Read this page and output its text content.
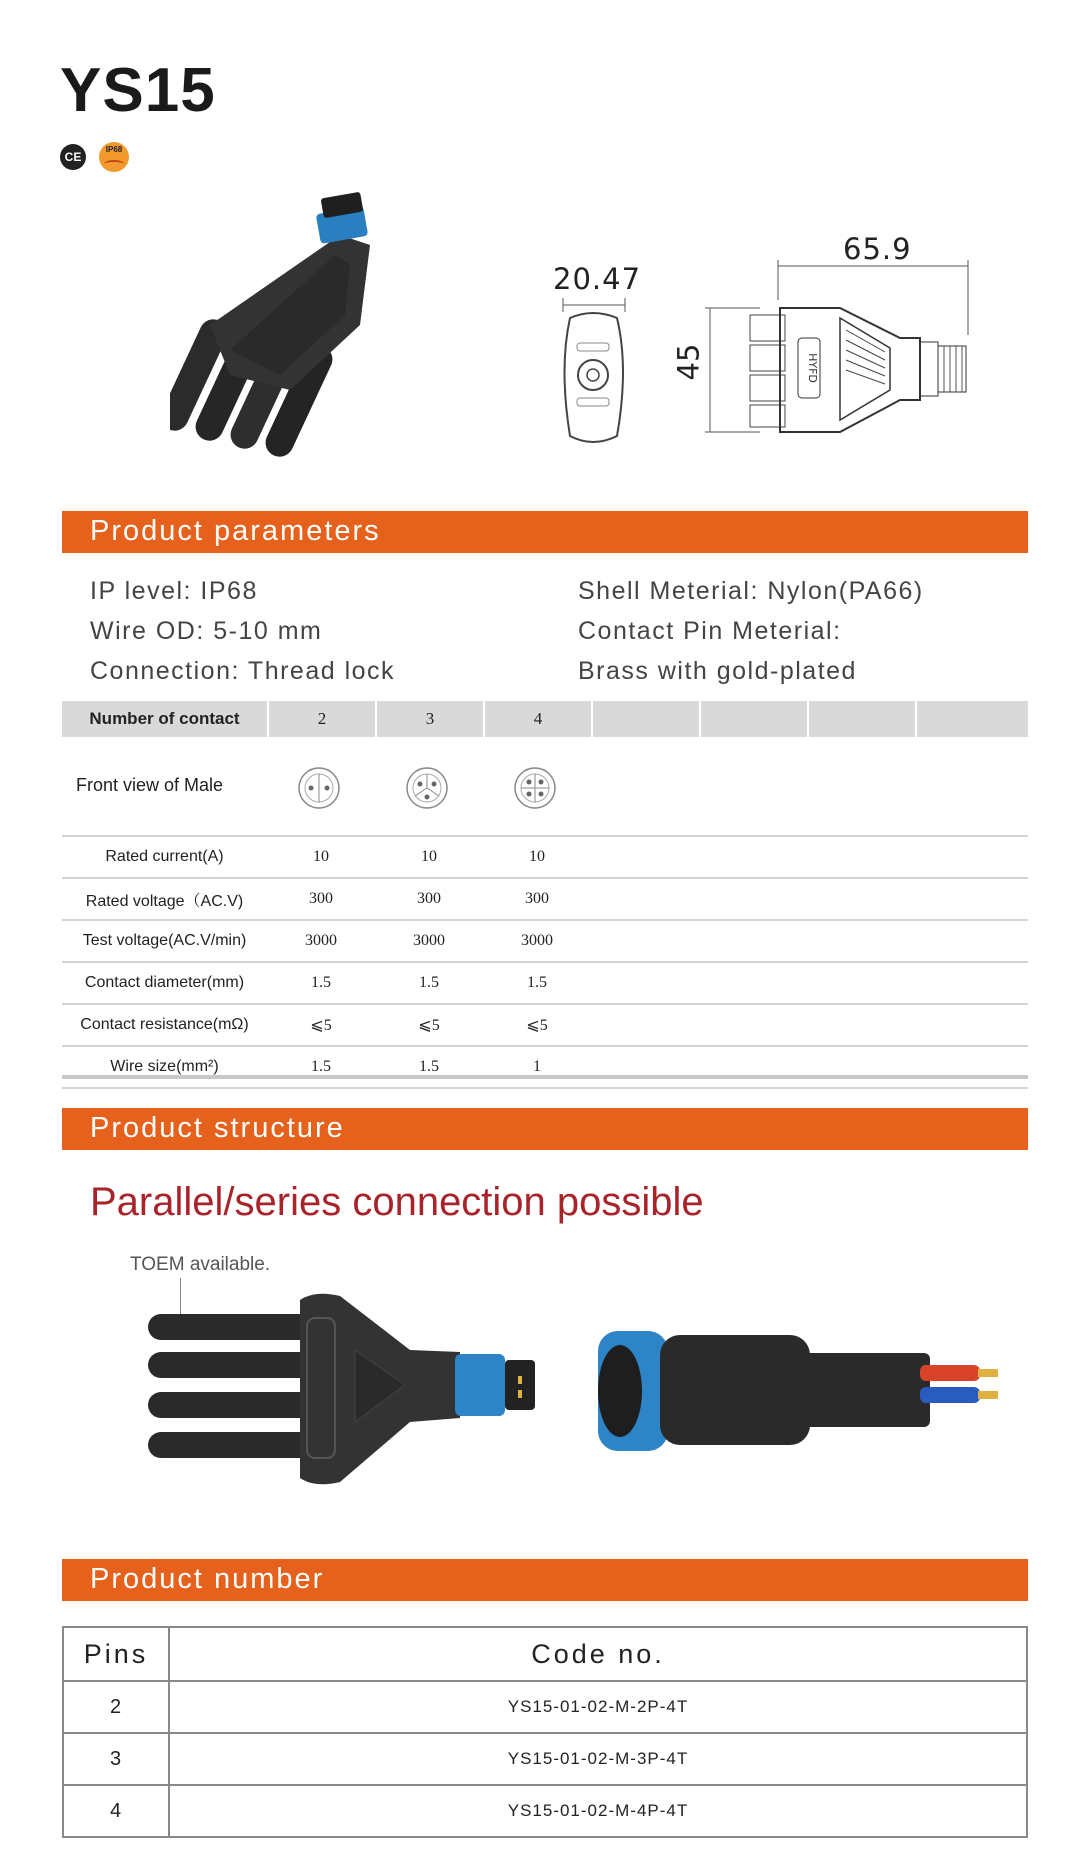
YS15
CE
IP68
20.47
65.9
45	HYFD
Product parameters
IP level: IP68
Wire OD: 5-10 mm
Connection: Thread lock
Shell Meterial: Nylon(PA66)
Contact Pin Meterial:
Brass with gold-plated
Number of contact	2	3	4
Front view of Male
Rated current(A)	10	10	10	
Rated voltage（AC.V)	300	300	300	
Test voltage(AC.V/min)	3000	3000	3000	
Contact diameter(mm)	1.5	1.5	1.5	
Contact resistance(mΩ)	⩽5	⩽5	⩽5	
Wire size(mm²)	1.5	1.5	1	
Product structure
Parallel/series connection possible
TOEM available.
Product number
Pins	Code no.
2	YS15-01-02-M-2P-4T
3	YS15-01-02-M-3P-4T
4	YS15-01-02-M-4P-4T
